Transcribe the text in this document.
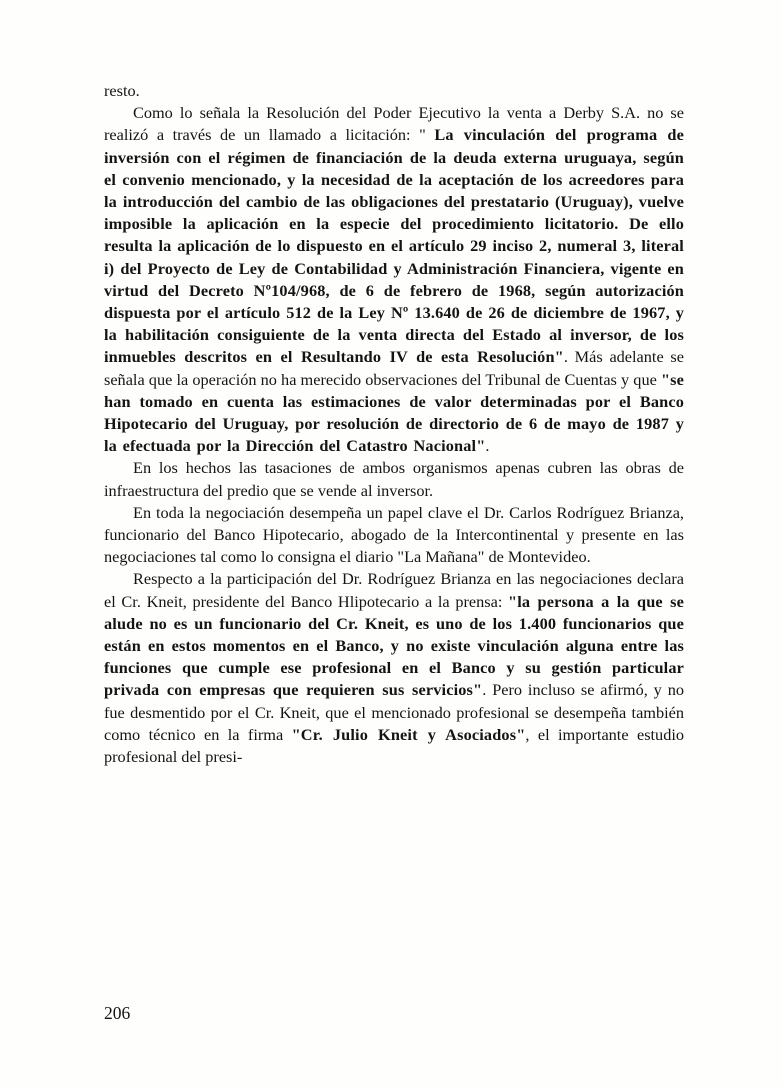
resto.

Como lo señala la Resolución del Poder Ejecutivo la venta a Derby S.A. no se realizó a través de un llamado a licitación: " La vinculación del programa de inversión con el régimen de financiación de la deuda externa uruguaya, según el convenio mencionado, y la necesidad de la aceptación de los acreedores para la introducción del cambio de las obligaciones del prestatario (Uruguay), vuelve imposible la aplicación en la especie del procedimiento licitatorio. De ello resulta la aplicación de lo dispuesto en el artículo 29 inciso 2, numeral 3, literal i) del Proyecto de Ley de Contabilidad y Administración Financiera, vigente en virtud del Decreto Nº104/968, de 6 de febrero de 1968, según autorización dispuesta por el artículo 512 de la Ley Nº 13.640 de 26 de diciembre de 1967, y la habilitación consiguiente de la venta directa del Estado al inversor, de los inmuebles descritos en el Resultando IV de esta Resolución". Más adelante se señala que la operación no ha merecido observaciones del Tribunal de Cuentas y que "se han tomado en cuenta las estimaciones de valor determinadas por el Banco Hipotecario del Uruguay, por resolución de directorio de 6 de mayo de 1987 y la efectuada por la Dirección del Catastro Nacional".

En los hechos las tasaciones de ambos organismos apenas cubren las obras de infraestructura del predio que se vende al inversor.

En toda la negociación desempeña un papel clave el Dr. Carlos Rodríguez Brianza, funcionario del Banco Hipotecario, abogado de la Intercontinental y presente en las negociaciones tal como lo consigna el diario "La Mañana" de Montevideo.

Respecto a la participación del Dr. Rodríguez Brianza en las negociaciones declara el Cr. Kneit, presidente del Banco Hlipotecario a la prensa: "la persona a la que se alude no es un funcionario del Cr. Kneit, es uno de los 1.400 funcionarios que están en estos momentos en el Banco, y no existe vinculación alguna entre las funciones que cumple ese profesional en el Banco y su gestión particular privada con empresas que requieren sus servicios". Pero incluso se afirmó, y no fue desmentido por el Cr. Kneit, que el mencionado profesional se desempeña también como técnico en la firma "Cr. Julio Kneit y Asociados", el importante estudio profesional del presi-

206
